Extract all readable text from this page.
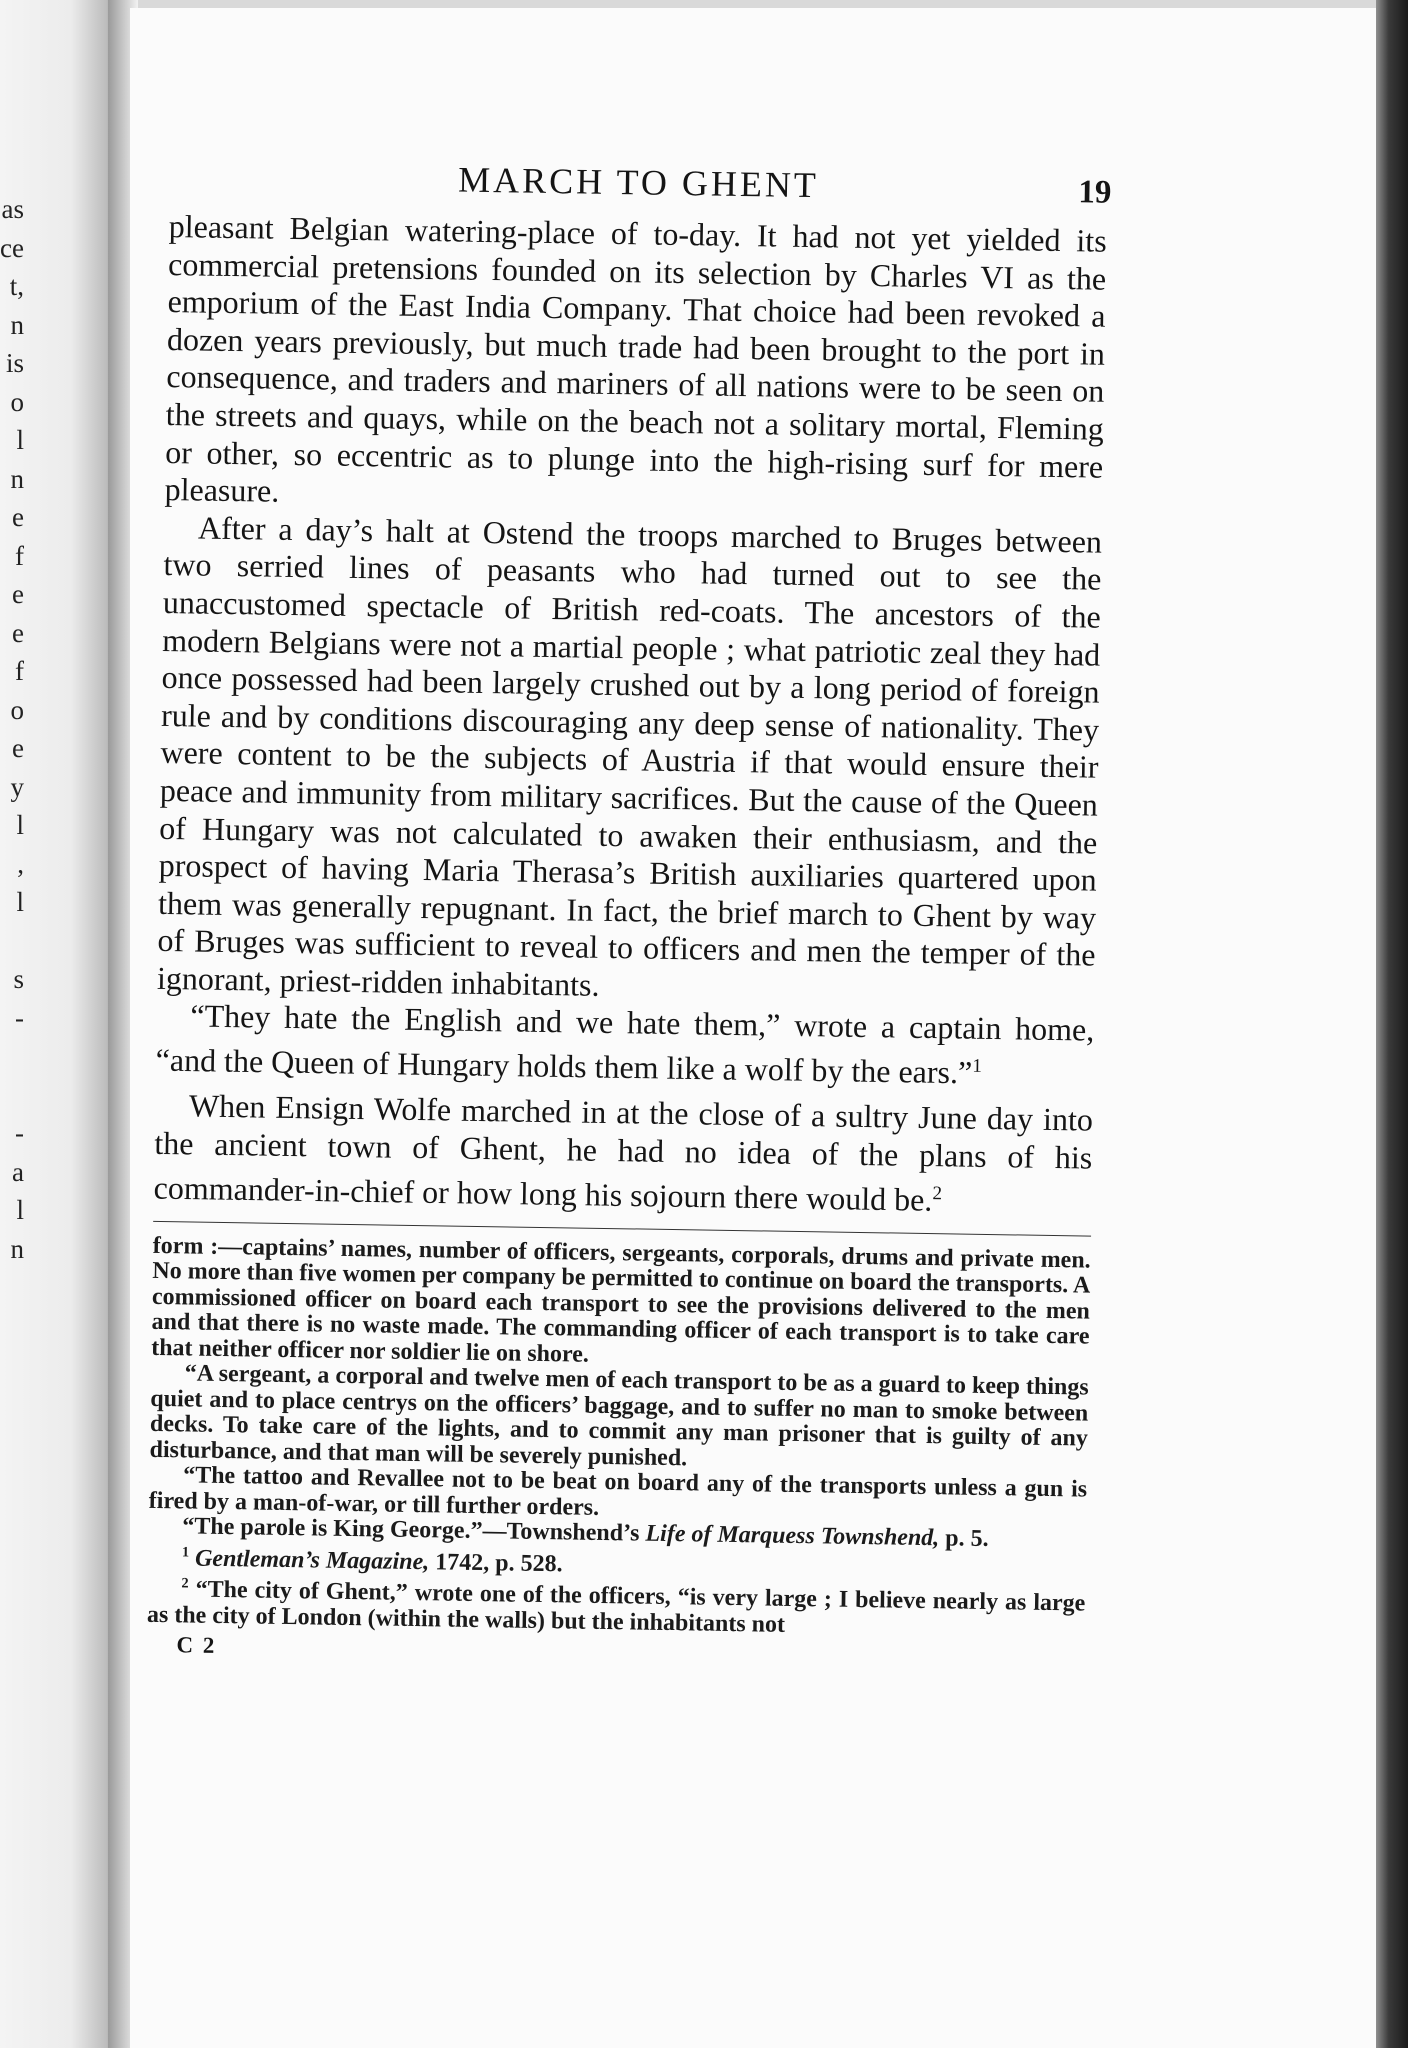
as
ce
t,
n
is
o
l
n
e
f
e
e
f
o
e
y
l
,
l
s
-
-
a
l
n
MARCH TO GHENT	19

pleasant Belgian watering-place of to-day. It had not yet yielded its commercial pretensions founded on its selection by Charles VI as the emporium of the East India Company. That choice had been revoked a dozen years previously, but much trade had been brought to the port in consequence, and traders and mariners of all nations were to be seen on the streets and quays, while on the beach not a solitary mortal, Fleming or other, so eccentric as to plunge into the high-rising surf for mere pleasure.

After a day’s halt at Ostend the troops marched to Bruges between two serried lines of peasants who had turned out to see the unaccustomed spectacle of British red-coats. The ancestors of the modern Belgians were not a martial people ; what patriotic zeal they had once possessed had been largely crushed out by a long period of foreign rule and by conditions discouraging any deep sense of nationality. They were content to be the subjects of Austria if that would ensure their peace and immunity from military sacrifices. But the cause of the Queen of Hungary was not calculated to awaken their enthusiasm, and the prospect of having Maria Therasa’s British auxiliaries quartered upon them was generally repugnant. In fact, the brief march to Ghent by way of Bruges was sufficient to reveal to officers and men the temper of the ignorant, priest-ridden inhabitants.

“They hate the English and we hate them,” wrote a captain home, “and the Queen of Hungary holds them like a wolf by the ears.”$^1$

When Ensign Wolfe marched in at the close of a sultry June day into the ancient town of Ghent, he had no idea of the plans of his commander-in-chief or how long his sojourn there would be.$^2$

form :—captains’ names, number of officers, sergeants, corporals, drums and private men. No more than five women per company be permitted to continue on board the transports. A commissioned officer on board each transport to see the provisions delivered to the men and that there is no waste made. The commanding officer of each transport is to take care that neither officer nor soldier lie on shore.

“A sergeant, a corporal and twelve men of each transport to be as a guard to keep things quiet and to place centrys on the officers’ baggage, and to suffer no man to smoke between decks. To take care of the lights, and to commit any man prisoner that is guilty of any disturbance, and that man will be severely punished.

“The tattoo and Revallee not to be beat on board any of the transports unless a gun is fired by a man-of-war, or till further orders.

“The parole is King George.”—Townshend’s Life of Marquess Townshend, p. 5.

$^1$ Gentleman’s Magazine, 1742, p. 528.

$^2$ “The city of Ghent,” wrote one of the officers, “is very large ; I believe nearly as large as the city of London (within the walls) but the inhabitants not

C 2
